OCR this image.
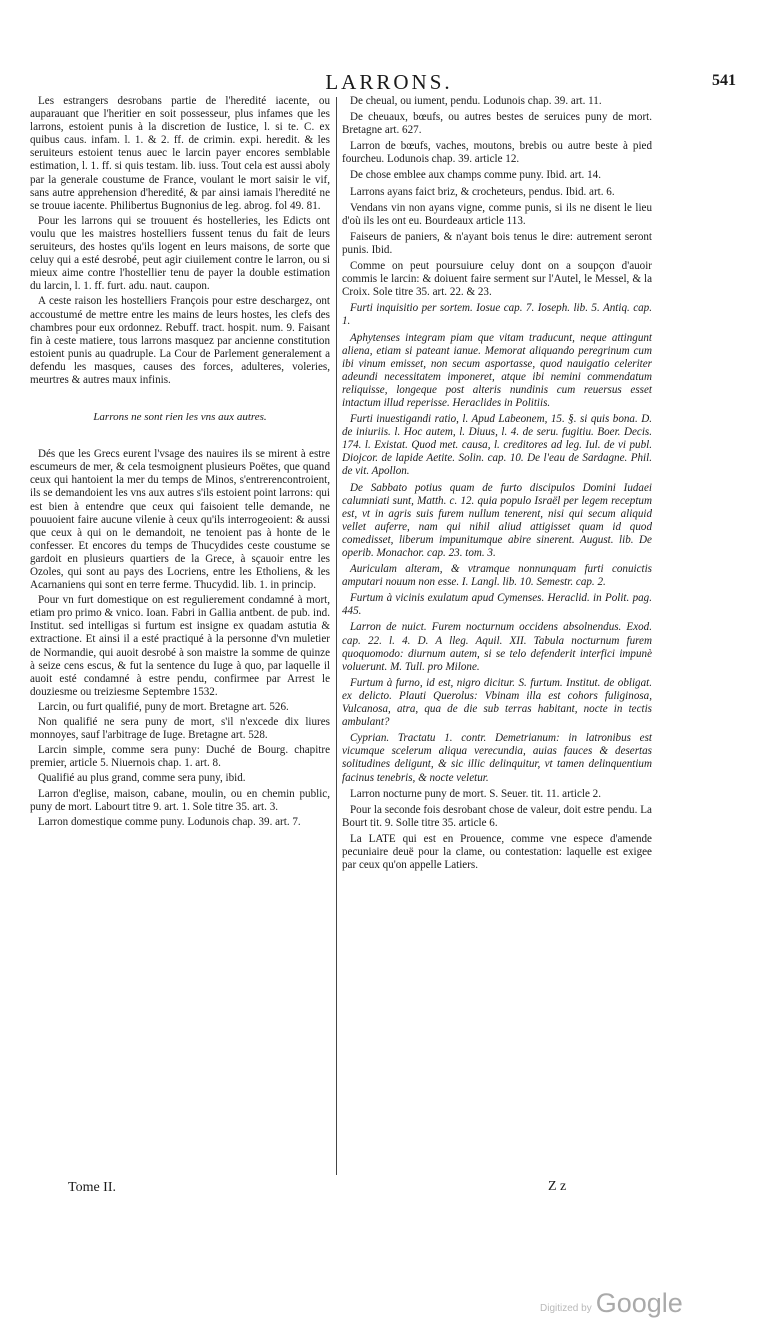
LARRONS.	541

Les estrangers desrobans partie de l'heredité iacente, ou auparauant que l'heritier en soit possesseur, plus infames que les larrons, estoient punis à la discretion de Iustice, l. si te. C. ex quibus caus. infam. l. 1. & 2. ff. de crimin. expi. heredit. & les seruiteurs estoient tenus auec le larcin payer encores semblable estimation, l. 1. ff. si quis testam. lib. iuss. Tout cela est aussi aboly par la generale coustume de France, voulant le mort saisir le vif, sans autre apprehension d'heredité, & par ainsi iamais l'heredité ne se trouue iacente. Philibertus Bugnonius de leg. abrog. fol 49. 81.

Pour les larrons qui se trouuent és hostelleries, les Edicts ont voulu que les maistres hostelliers fussent tenus du fait de leurs seruiteurs, des hostes qu'ils logent en leurs maisons, de sorte que celuy qui a esté desrobé, peut agir ciuilement contre le larron, ou si mieux aime contre l'hostellier tenu de payer la double estimation du larcin, l. 1. ff. furt. adu. naut. caupon.

A ceste raison les hostelliers François pour estre deschargez, ont accoustumé de mettre entre les mains de leurs hostes, les clefs des chambres pour eux ordonnez. Rebuff. tract. hospit. num. 9. Faisant fin à ceste matiere, tous larrons masquez par ancienne constitution estoient punis au quadruple. La Cour de Parlement generalement a defendu les masques, causes des forces, adulteres, voleries, meurtres & autres maux infinis.

Larrons ne sont rien les vns aux autres.

Dés que les Grecs eurent l'vsage des nauires ils se mirent à estre escumeurs de mer, & cela tesmoignent plusieurs Poëtes, que quand ceux qui hantoient la mer du temps de Minos, s'entrerencontroient, ils se demandoient les vns aux autres s'ils estoient point larrons: qui est bien à entendre que ceux qui faisoient telle demande, ne pouuoient faire aucune vilenie à ceux qu'ils interrogeoient: & aussi que ceux à qui on le demandoit, ne tenoient pas à honte de le confesser. Et encores du temps de Thucydides ceste coustume se gardoit en plusieurs quartiers de la Grece, à sçauoir entre les Ozoles, qui sont au pays des Locriens, entre les Etholiens, & les Acarnaniens qui sont en terre ferme. Thucydid. lib. 1. in princip.

Pour vn furt domestique on est regulierement condamné à mort, etiam pro primo & vnico. Ioan. Fabri in Gallia antbent. de pub. ind. Institut. sed intelligas si furtum est insigne ex quadam astutia & extractione. Et ainsi il a esté practiqué à la personne d'vn muletier de Normandie, qui auoit desrobé à son maistre la somme de quinze à seize cens escus, & fut la sentence du Iuge à quo, par laquelle il auoit esté condamné à estre pendu, confirmee par Arrest le douziesme ou treiziesme Septembre 1532.

Larcin, ou furt qualifié, puny de mort. Bretagne art. 526.

Non qualifié ne sera puny de mort, s'il n'excede dix liures monnoyes, sauf l'arbitrage de Iuge. Bretagne art. 528.

Larcin simple, comme sera puny: Duché de Bourg. chapitre premier, article 5. Niuernois chap. 1. art. 8.

Qualifié au plus grand, comme sera puny, ibid.

Larron d'eglise, maison, cabane, moulin, ou en chemin public, puny de mort. Labourt titre 9. art. 1. Sole titre 35. art. 3.

Larron domestique comme puny. Lodunois chap. 39. art. 7.

De cheual, ou iument, pendu. Lodunois chap. 39. art. 11.

De cheuaux, bœufs, ou autres bestes de seruices puny de mort. Bretagne art. 627.

Larron de bœufs, vaches, moutons, brebis ou autre beste à pied fourcheu. Lodunois chap. 39. article 12.

De chose emblee aux champs comme puny. Ibid. art. 14.

Larrons ayans faict briz, & crocheteurs, pendus. Ibid. art. 6.

Vendans vin non ayans vigne, comme punis, si ils ne disent le lieu d'où ils les ont eu. Bourdeaux article 113.

Faiseurs de paniers, & n'ayant bois tenus le dire: autrement seront punis. Ibid.

Comme on peut poursuiure celuy dont on a soupçon d'auoir commis le larcin: & doiuent faire serment sur l'Autel, le Messel, & la Croix. Sole titre 35. art. 22. & 23.

Furti inquisitio per sortem. Iosue cap. 7. Ioseph. lib. 5. Antiq. cap. 1.

Aphytenses integram piam que vitam traducunt, neque attingunt aliena, etiam si pateant ianue. Memorat aliquando peregrinum cum ibi vinum emisset, non secum asportasse, quod nauigatio celeriter adeundi necessitatem imponeret, atque ibi nemini commendatum reliquisse, longeque post alteris nundinis cum reuersus esset intactum illud reperisse. Heraclides in Politiis.

Furti inuestigandi ratio, l. Apud Labeonem, 15. §. si quis bona. D. de iniuriis. l. Hoc autem, l. Diuus, l. 4. de seru. fugitiu. Boer. Decis. 174. l. Existat. Quod met. causa, l. creditores ad leg. Iul. de vi publ. Diojcor. de lapide Aetite. Solin. cap. 10. De l'eau de Sardagne. Phil. de vit. Apollon.

De Sabbato potius quam de furto discipulos Domini Iudaei calumniati sunt, Matth. c. 12. quia populo Israël per legem receptum est, vt in agris suis furem nullum tenerent, nisi qui secum aliquid vellet auferre, nam qui nihil aliud attigisset quam id quod comedisset, liberum impunitumque abire sinerent. August. lib. De operib. Monachor. cap. 23. tom. 3.

Auriculam alteram, & vtramque nonnunquam furti conuictis amputari nouum non esse. I. Langl. lib. 10. Semestr. cap. 2.

Furtum à vicinis exulatum apud Cymenses. Heraclid. in Polit. pag. 445.

Larron de nuict. Furem nocturnum occidens absolnendus. Exod. cap. 22. l. 4. D. A lleg. Aquil. XII. Tabula nocturnum furem quoquomodo: diurnum autem, si se telo defenderit interfici impunè voluerunt. M. Tull. pro Milone.

Furtum à furno, id est, nigro dicitur. S. furtum. Institut. de obligat. ex delicto. Plauti Querolus: Vbinam illa est cohors fuliginosa, Vulcanosa, atra, qua de die sub terras habitant, nocte in tectis ambulant?

Cyprian. Tractatu 1. contr. Demetrianum: in latronibus est vicumque scelerum aliqua verecundia, auias fauces & desertas solitudines deligunt, & sic illic delinquitur, vt tamen delinquentium facinus tenebris, & nocte veletur.

Larron nocturne puny de mort. S. Seuer. tit. 11. article 2.

Pour la seconde fois desrobant chose de valeur, doit estre pendu. La Bourt tit. 9. Solle titre 35. article 6.

La LATE qui est en Prouence, comme vne espece d'amende pecuniaire deuë pour la clame, ou contestation: laquelle est exigee par ceux qu'on appelle Latiers.

Tome II.	Z z
Digitized by Google
